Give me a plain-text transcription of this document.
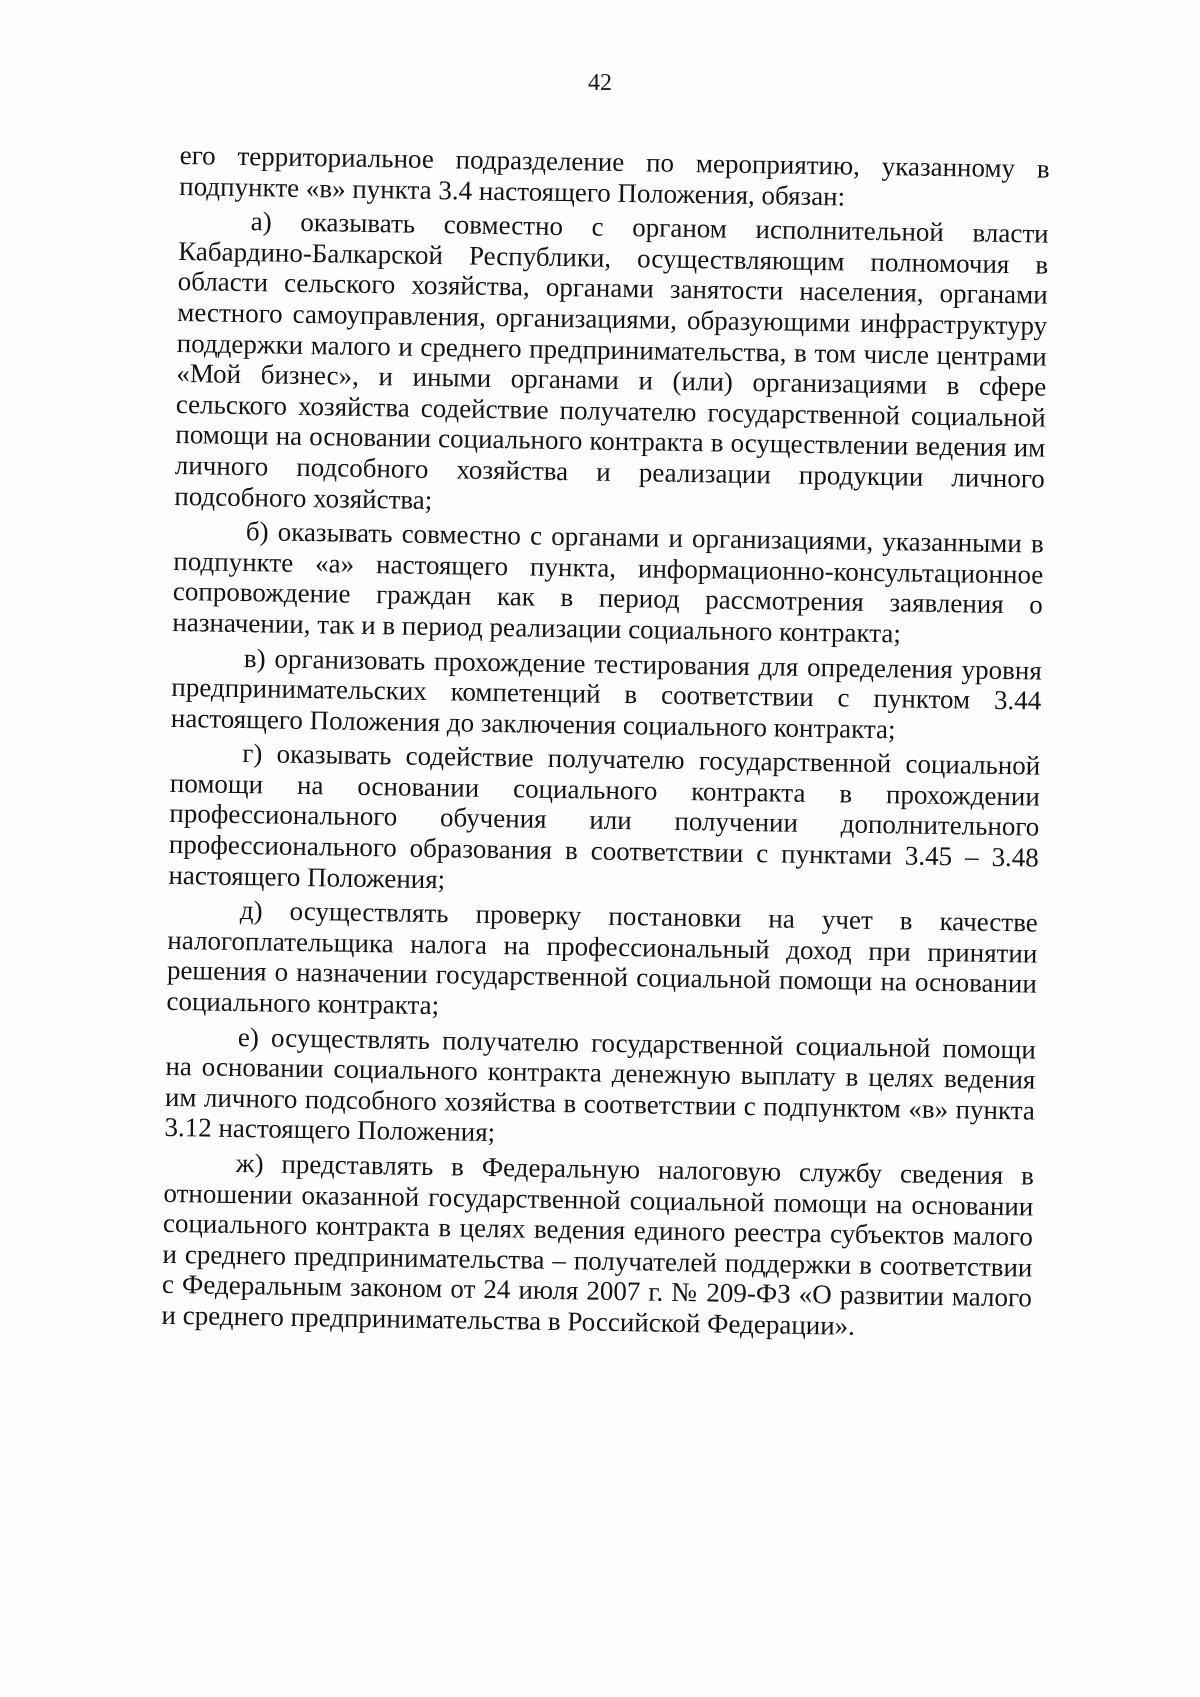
42

его территориальное подразделение по мероприятию, указанному в подпункте «в» пункта 3.4 настоящего Положения, обязан:

а) оказывать совместно с органом исполнительной власти Кабардино-Балкарской Республики, осуществляющим полномочия в области сельского хозяйства, органами занятости населения, органами местного самоуправления, организациями, образующими инфраструктуру поддержки малого и среднего предпринимательства, в том числе центрами «Мой бизнес», и иными органами и (или) организациями в сфере сельского хозяйства содействие получателю государственной социальной помощи на основании социального контракта в осуществлении ведения им личного подсобного хозяйства и реализации продукции личного подсобного хозяйства;

б) оказывать совместно с органами и организациями, указанными в подпункте «а» настоящего пункта, информационно-консультационное сопровождение граждан как в период рассмотрения заявления о назначении, так и в период реализации социального контракта;

в) организовать прохождение тестирования для определения уровня предпринимательских компетенций в соответствии с пунктом 3.44 настоящего Положения до заключения социального контракта;

г) оказывать содействие получателю государственной социальной помощи на основании социального контракта в прохождении профессионального обучения или получении дополнительного профессионального образования в соответствии с пунктами 3.45 – 3.48 настоящего Положения;

д) осуществлять проверку постановки на учет в качестве налогоплательщика налога на профессиональный доход при принятии решения о назначении государственной социальной помощи на основании социального контракта;

е) осуществлять получателю государственной социальной помощи на основании социального контракта денежную выплату в целях ведения им личного подсобного хозяйства в соответствии с подпунктом «в» пункта 3.12 настоящего Положения;

ж) представлять в Федеральную налоговую службу сведения в отношении оказанной государственной социальной помощи на основании социального контракта в целях ведения единого реестра субъектов малого и среднего предпринимательства – получателей поддержки в соответствии с Федеральным законом от 24 июля 2007 г. № 209-ФЗ «О развитии малого и среднего предпринимательства в Российской Федерации».
